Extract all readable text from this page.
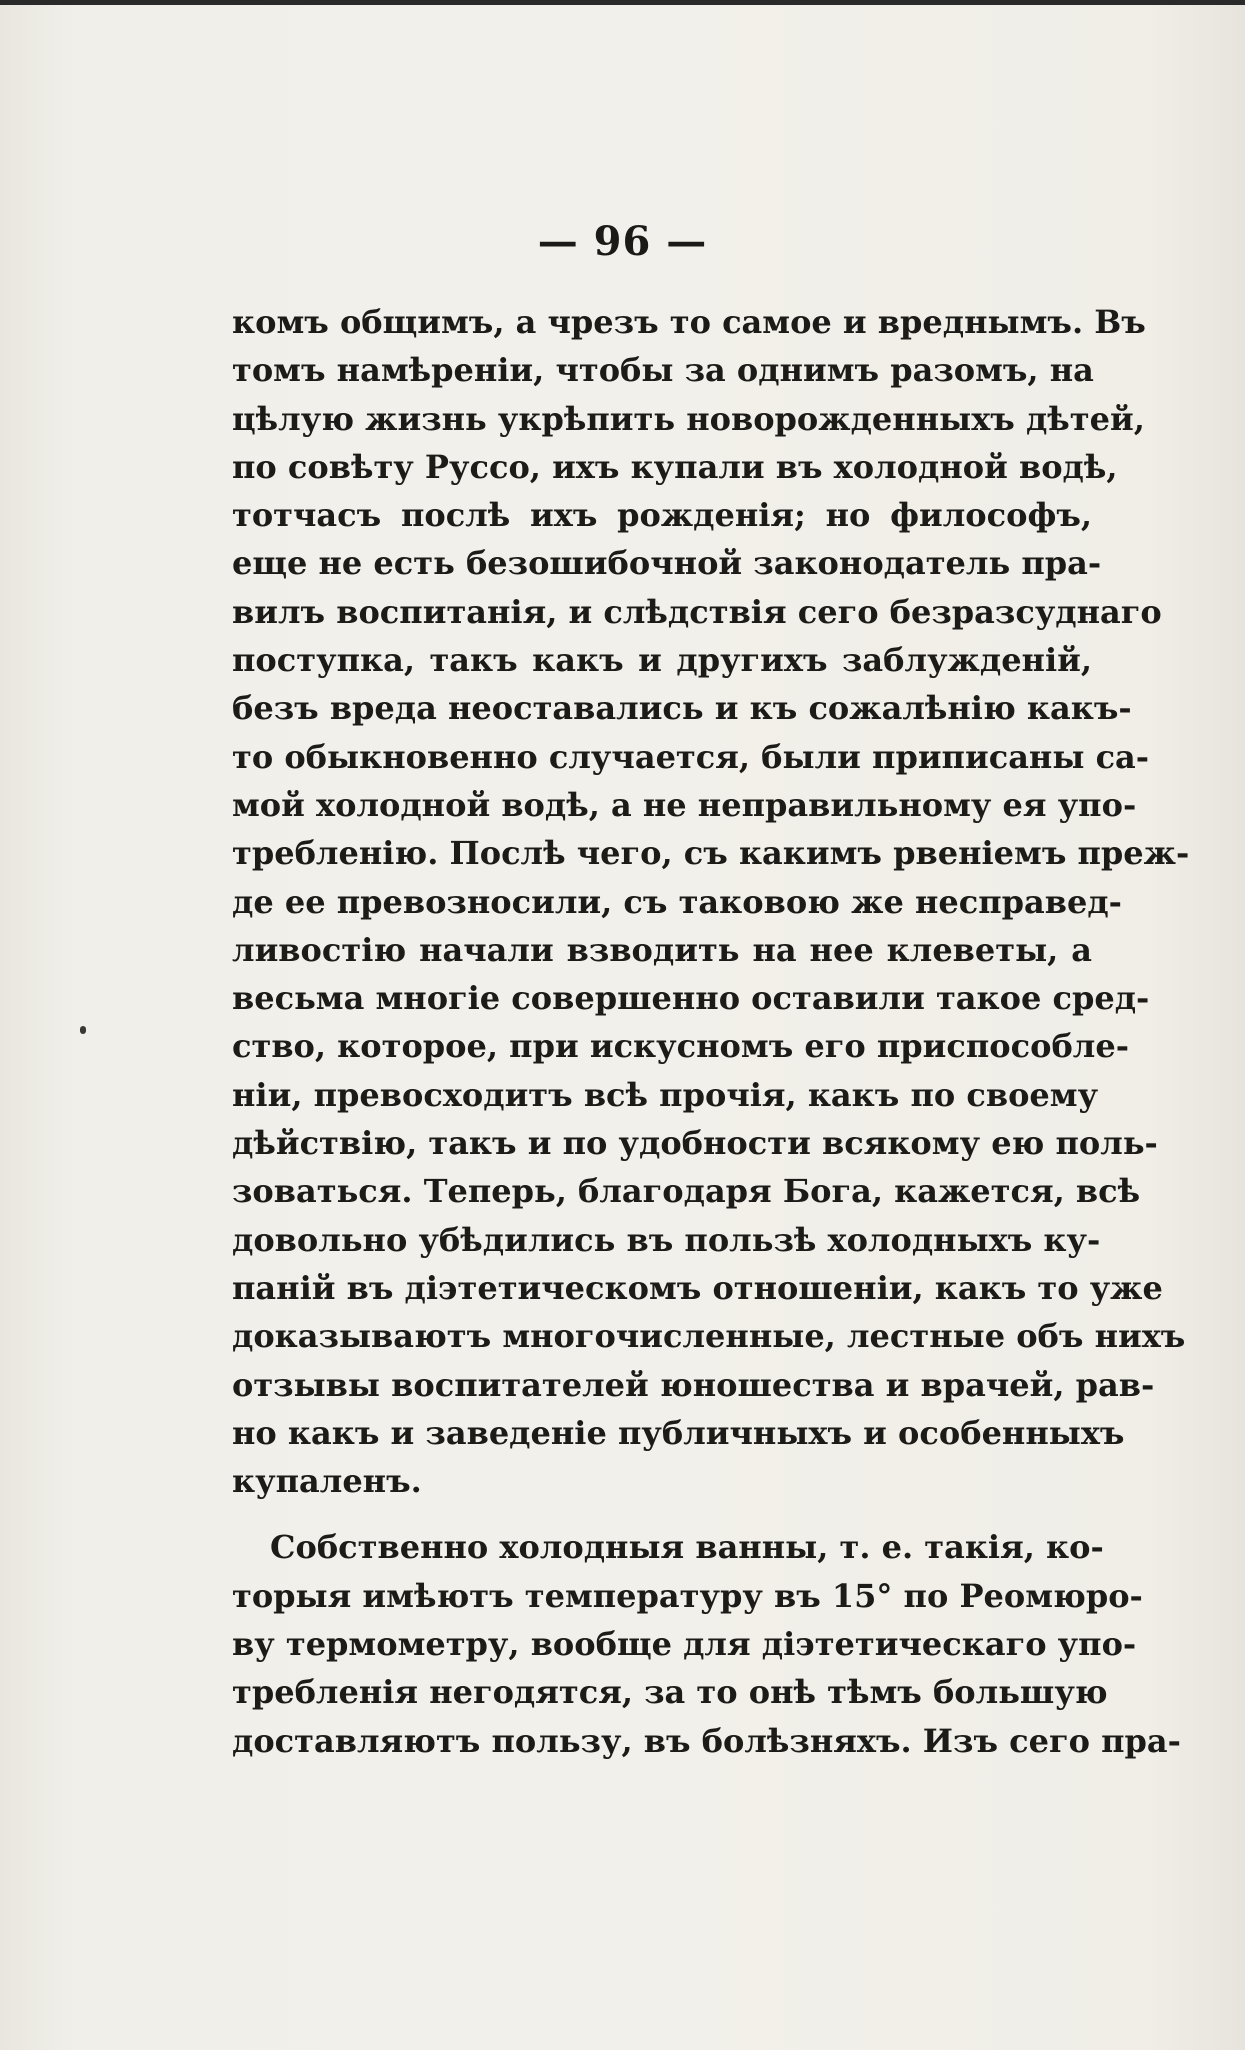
— 96 —
комъ общимъ, а чрезъ то самое и вреднымъ. Въ
томъ намѣреніи, чтобы за однимъ разомъ, на
цѣлую жизнь укрѣпить новорожденныхъ дѣтей,
по совѣту Руссо, ихъ купали въ холодной водѣ,
тотчасъ послѣ ихъ рожденія; но философъ,
еще не есть безошибочной законодатель пра-
вилъ воспитанія, и слѣдствія сего безразсуднаго
поступка, такъ какъ и другихъ заблужденій,
безъ вреда неоставались и къ сожалѣнію какъ-
то обыкновенно случается, были приписаны са-
мой холодной водѣ, а не неправильному ея упо-
требленію. Послѣ чего, съ какимъ рвеніемъ преж-
де ее превозносили, съ таковою же несправед-
ливостію начали взводить на нее клеветы, а
весьма многіе совершенно оставили такое сред-
ство, которое, при искусномъ его приспособле-
ніи, превосходитъ всѣ прочія, какъ по своему
дѣйствію, такъ и по удобности всякому ею поль-
зоваться. Теперь, благодаря Бога, кажется, всѣ
довольно убѣдились въ пользѣ холодныхъ ку-
паній въ діэтетическомъ отношеніи, какъ то уже
доказываютъ многочисленные, лестные объ нихъ
отзывы воспитателей юношества и врачей, рав-
но какъ и заведеніе публичныхъ и особенныхъ
купаленъ.
Собственно холодныя ванны, т. е. такія, ко-
торыя имѣютъ температуру въ 15° по Реомюро-
ву термометру, вообще для діэтетическаго упо-
требленія негодятся, за то онѣ тѣмъ большую
доставляютъ пользу, въ болѣзняхъ. Изъ сего пра-
